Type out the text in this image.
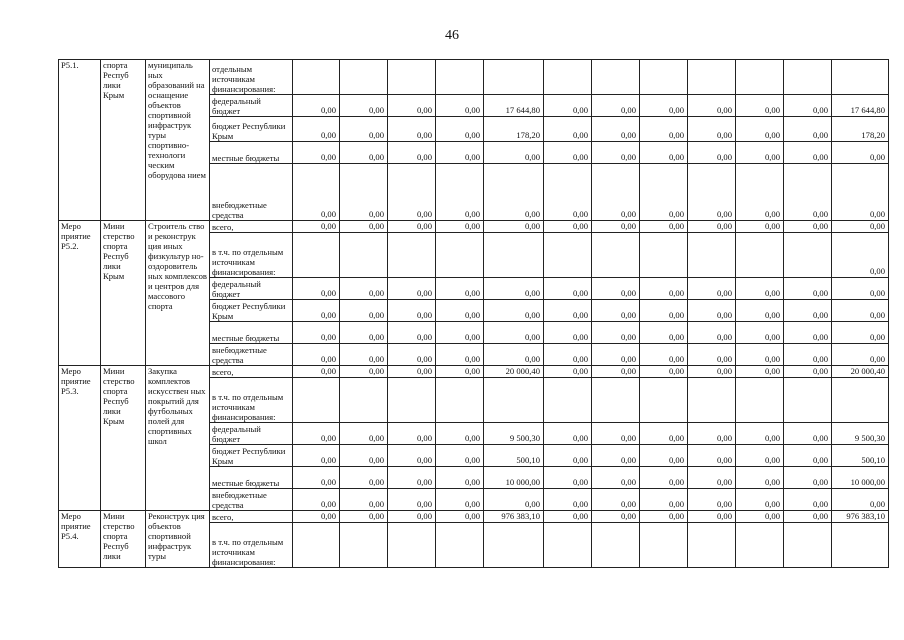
46
Р5.1.	спорта Респуб лики Крым	муниципаль ных образований на оснащение объектов спортивной инфраструк туры спортивно-технологи ческим оборудова нием	отдельным источникам финансирования:												
			федеральный бюджет	0,00	0,00	0,00	0,00	17 644,80	0,00	0,00	0,00	0,00	0,00	0,00	17 644,80
			бюджет Республики Крым	0,00	0,00	0,00	0,00	178,20	0,00	0,00	0,00	0,00	0,00	0,00	178,20
			местные бюджеты	0,00	0,00	0,00	0,00	0,00	0,00	0,00	0,00	0,00	0,00	0,00	0,00
			внебюджетные средства	0,00	0,00	0,00	0,00	0,00	0,00	0,00	0,00	0,00	0,00	0,00	0,00
Меро приятие Р5.2.	Мини стерство спорта Респуб лики Крым	Строитель ство и реконструк ция иных физкультур но-оздоровитель ных комплексов и центров для массового спорта	всего,	0,00	0,00	0,00	0,00	0,00	0,00	0,00	0,00	0,00	0,00	0,00	0,00
			в т.ч. по отдельным источникам финансирования:												0,00
			федеральный бюджет	0,00	0,00	0,00	0,00	0,00	0,00	0,00	0,00	0,00	0,00	0,00	0,00
			бюджет Республики Крым	0,00	0,00	0,00	0,00	0,00	0,00	0,00	0,00	0,00	0,00	0,00	0,00
			местные бюджеты	0,00	0,00	0,00	0,00	0,00	0,00	0,00	0,00	0,00	0,00	0,00	0,00
			внебюджетные средства	0,00	0,00	0,00	0,00	0,00	0,00	0,00	0,00	0,00	0,00	0,00	0,00
Меро приятие Р5.3.	Мини стерство спорта Респуб лики Крым	Закупка комплектов искусствен ных покрытий для футбольных полей для спортивных школ	всего,	0,00	0,00	0,00	0,00	20 000,40	0,00	0,00	0,00	0,00	0,00	0,00	20 000,40
			в т.ч. по отдельным источникам финансирования:												
			федеральный бюджет	0,00	0,00	0,00	0,00	9 500,30	0,00	0,00	0,00	0,00	0,00	0,00	9 500,30
			бюджет Республики Крым	0,00	0,00	0,00	0,00	500,10	0,00	0,00	0,00	0,00	0,00	0,00	500,10
			местные бюджеты	0,00	0,00	0,00	0,00	10 000,00	0,00	0,00	0,00	0,00	0,00	0,00	10 000,00
			внебюджетные средства	0,00	0,00	0,00	0,00	0,00	0,00	0,00	0,00	0,00	0,00	0,00	0,00
Меро приятие Р5.4.	Мини стерство спорта Респуб лики	Реконструк ция объектов спортивной инфраструк туры	всего,	0,00	0,00	0,00	0,00	976 383,10	0,00	0,00	0,00	0,00	0,00	0,00	976 383,10
			в т.ч. по отдельным источникам финансирования:												
